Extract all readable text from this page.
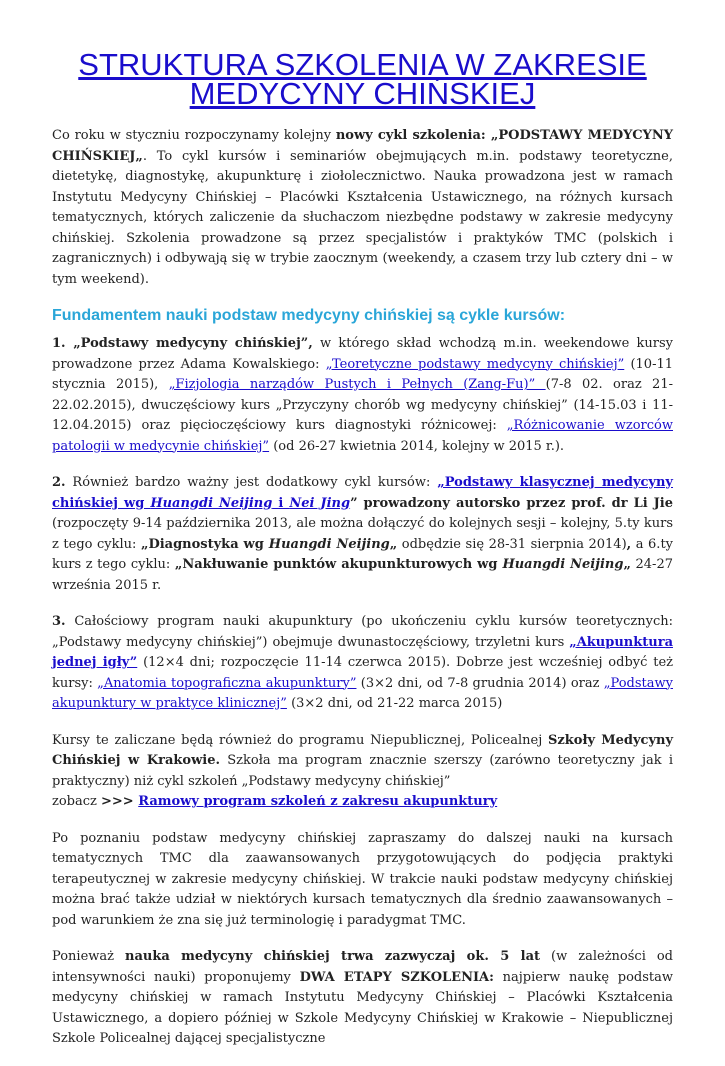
STRUKTURA SZKOLENIA W ZAKRESIE MEDYCYNY CHIŃSKIEJ

Co roku w styczniu rozpoczynamy kolejny nowy cykl szkolenia: „PODSTAWY MEDYCYNY CHIŃSKIEJ„. To cykl kursów i seminariów obejmujących m.in. podstawy teoretyczne, dietetykę, diagnostykę, akupunkturę i ziołolecznictwo. Nauka prowadzona jest w ramach Instytutu Medycyny Chińskiej – Placówki Kształcenia Ustawicznego, na różnych kursach tematycznych, których zaliczenie da słuchaczom niezbędne podstawy w zakresie medycyny chińskiej. Szkolenia prowadzone są przez specjalistów i praktyków TMC (polskich i zagranicznych) i odbywają się w trybie zaocznym (weekendy, a czasem trzy lub cztery dni – w tym weekend).

Fundamentem nauki podstaw medycyny chińskiej są cykle kursów:

1. „Podstawy medycyny chińskiej”, w którego skład wchodzą m.in. weekendowe kursy prowadzone przez Adama Kowalskiego: „Teoretyczne podstawy medycyny chińskiej” (10-11 stycznia 2015), „Fizjologia narządów Pustych i Pełnych (Zang-Fu)” (7-8 02. oraz 21-22.02.2015), dwuczęściowy kurs „Przyczyny chorób wg medycyny chińskiej” (14-15.03 i 11-12.04.2015) oraz pięcioczęściowy kurs diagnostyki różnicowej: „Różnicowanie wzorców patologii w medycynie chińskiej” (od 26-27 kwietnia 2014, kolejny w 2015 r.).

2. Również bardzo ważny jest dodatkowy cykl kursów: „Podstawy klasycznej medycyny chińskiej wg Huangdi Neijing i Nei Jing” prowadzony autorsko przez prof. dr Li Jie (rozpoczęty 9-14 października 2013, ale można dołączyć do kolejnych sesji – kolejny, 5.ty kurs z tego cyklu: „Diagnostyka wg Huangdi Neijing„ odbędzie się 28-31 sierpnia 2014), a 6.ty kurs z tego cyklu: „Nakłuwanie punktów akupunkturowych wg Huangdi Neijing„ 24-27 września 2015 r.

3. Całościowy program nauki akupunktury (po ukończeniu cyklu kursów teoretycznych: „Podstawy medycyny chińskiej”) obejmuje dwunastoczęściowy, trzyletni kurs „Akupunktura jednej igły” (12×4 dni; rozpoczęcie 11-14 czerwca 2015). Dobrze jest wcześniej odbyć też kursy: „Anatomia topograficzna akupunktury” (3×2 dni, od 7-8 grudnia 2014) oraz „Podstawy akupunktury w praktyce klinicznej” (3×2 dni, od 21-22 marca 2015)

Kursy te zaliczane będą również do programu Niepublicznej, Policealnej Szkoły Medycyny Chińskiej w Krakowie. Szkoła ma program znacznie szerszy (zarówno teoretyczny jak i praktyczny) niż cykl szkoleń „Podstawy medycyny chińskiej”
zobacz >>> Ramowy program szkoleń z zakresu akupunktury

Po poznaniu podstaw medycyny chińskiej zapraszamy do dalszej nauki na kursach tematycznych TMC dla zaawansowanych przygotowujących do podjęcia praktyki terapeutycznej w zakresie medycyny chińskiej. W trakcie nauki podstaw medycyny chińskiej można brać także udział w niektórych kursach tematycznych dla średnio zaawansowanych – pod warunkiem że zna się już terminologię i paradygmat TMC.

Ponieważ nauka medycyny chińskiej trwa zazwyczaj ok. 5 lat (w zależności od intensywności nauki) proponujemy DWA ETAPY SZKOLENIA: najpierw naukę podstaw medycyny chińskiej w ramach Instytutu Medycyny Chińskiej – Placówki Kształcenia Ustawicznego, a dopiero później w Szkole Medycyny Chińskiej w Krakowie – Niepublicznej Szkole Policealnej dającej specjalistyczne
